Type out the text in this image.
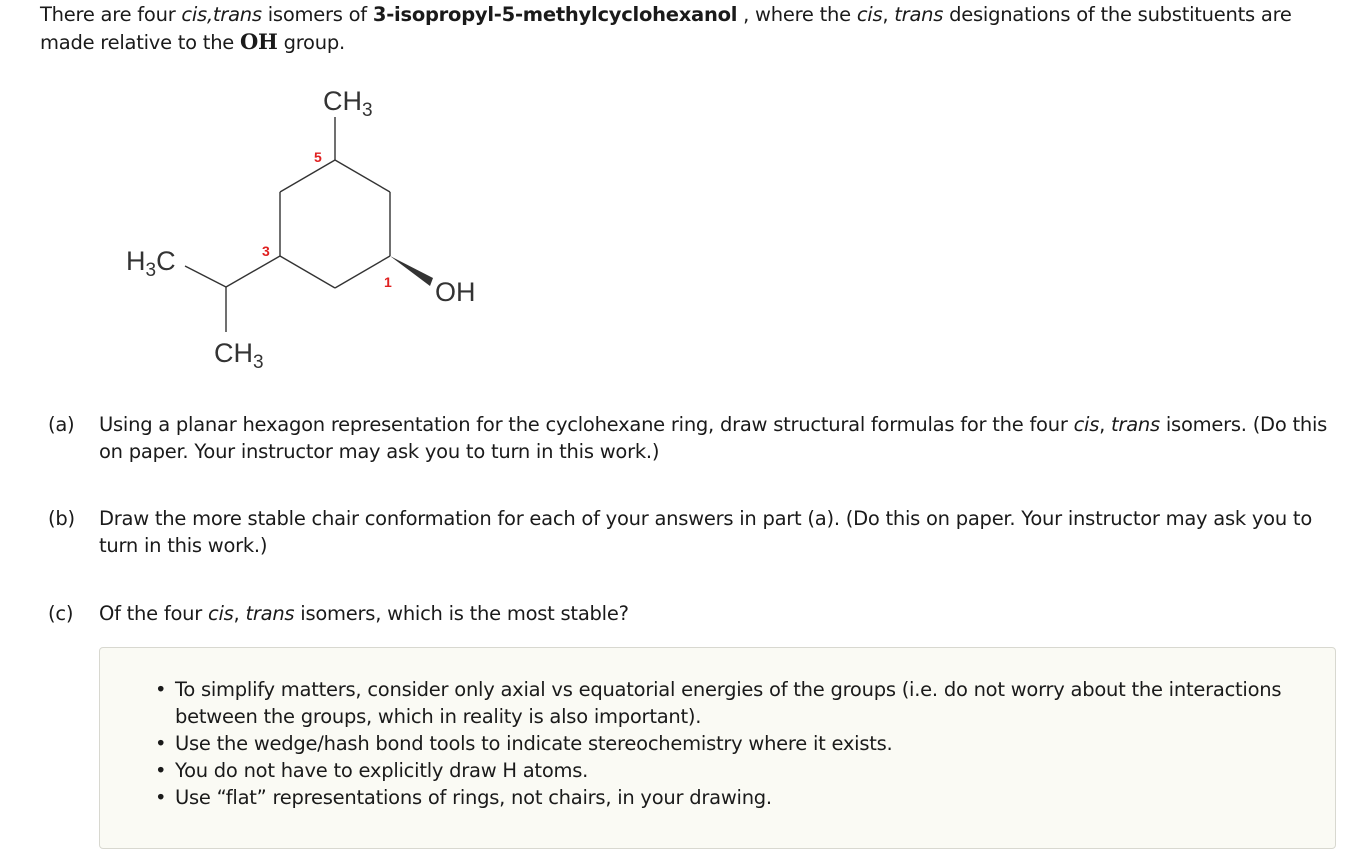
There are four cis,trans isomers of 3-isopropyl-5-methylcyclohexanol , where the cis, trans designations of the substituents are made relative to the OH group.
$CH_3$
$H_3C$
$CH_3$
OH
5
3
1
(a) Using a planar hexagon representation for the cyclohexane ring, draw structural formulas for the four cis, trans isomers. (Do this on paper. Your instructor may ask you to turn in this work.)
(b) Draw the more stable chair conformation for each of your answers in part (a). (Do this on paper. Your instructor may ask you to turn in this work.)
(c) Of the four cis, trans isomers, which is the most stable?
• To simplify matters, consider only axial vs equatorial energies of the groups (i.e. do not worry about the interactions between the groups, which in reality is also important).
• Use the wedge/hash bond tools to indicate stereochemistry where it exists.
• You do not have to explicitly draw H atoms.
• Use “flat” representations of rings, not chairs, in your drawing.
